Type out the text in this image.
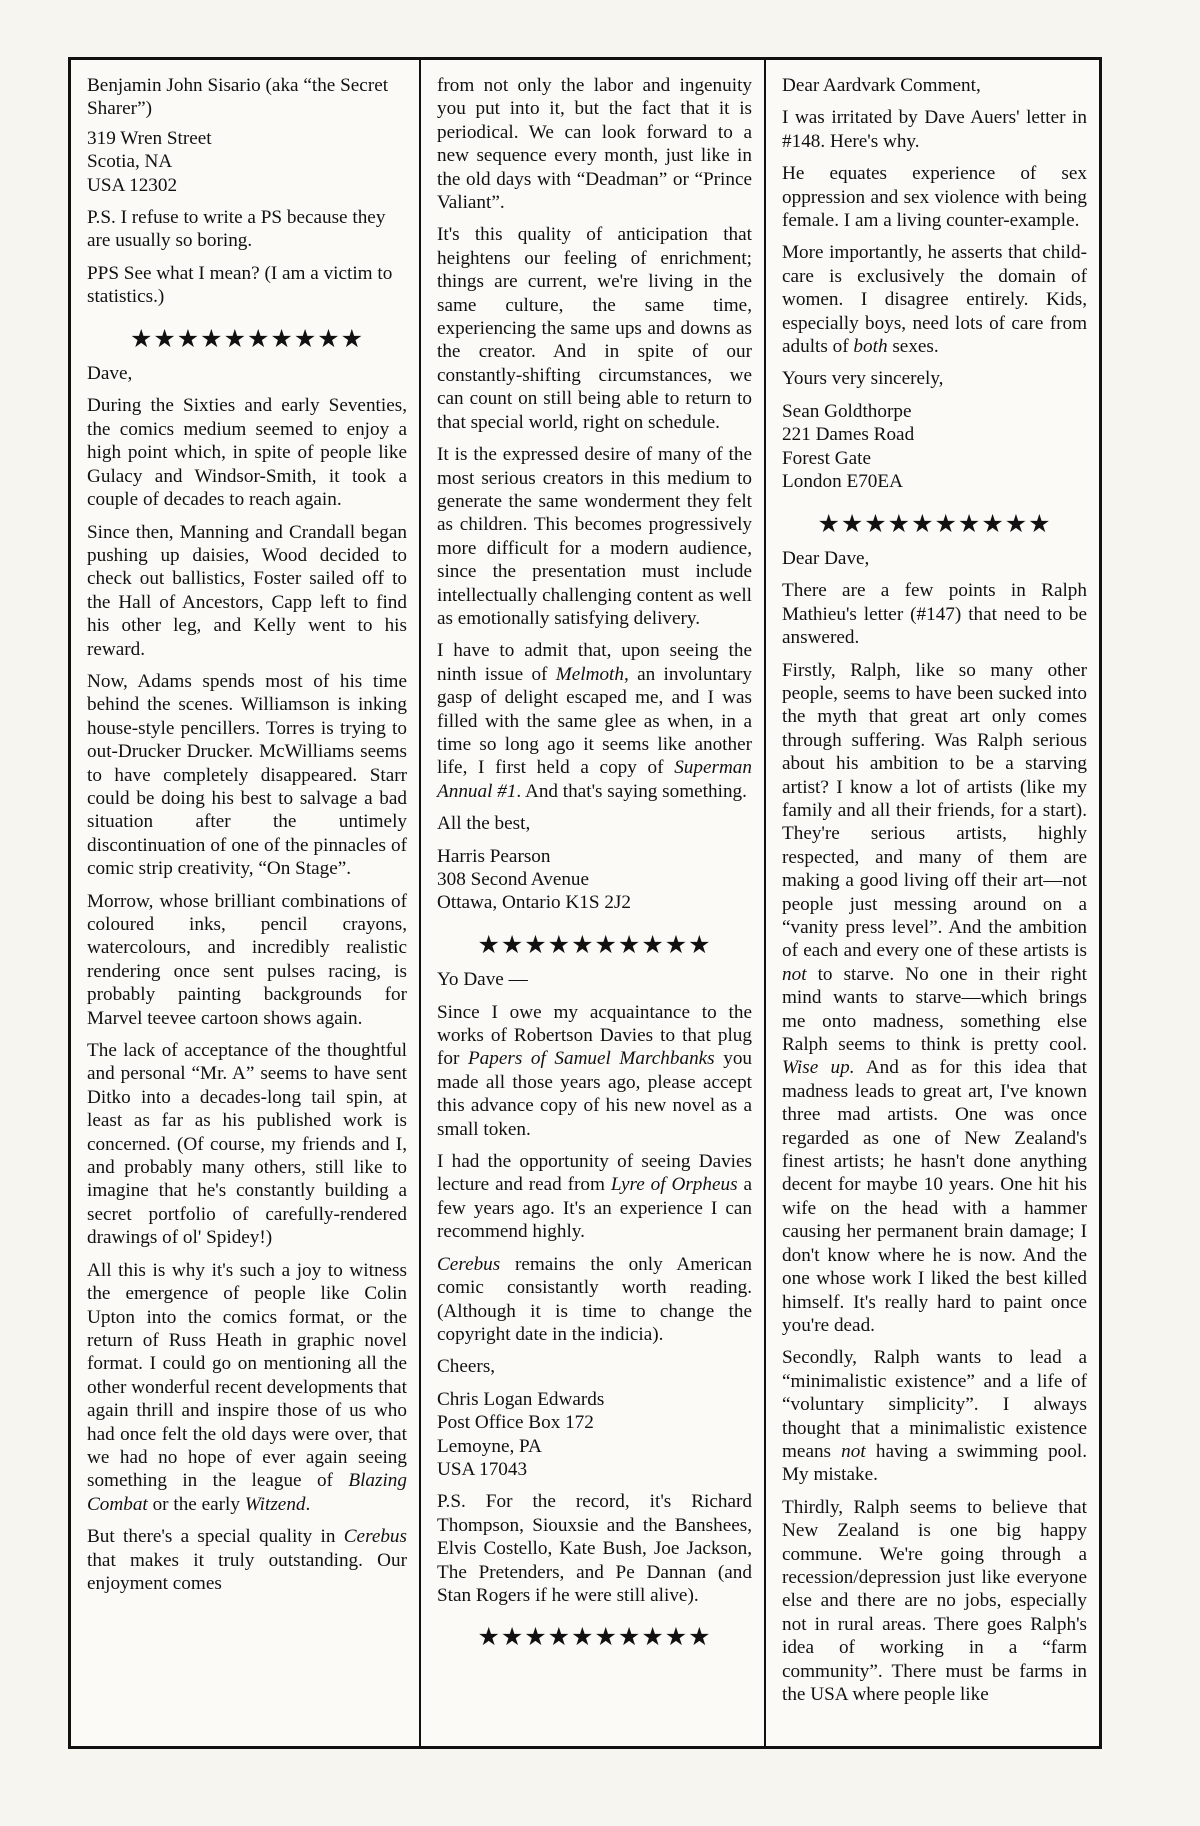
Benjamin John Sisario (aka “the Secret Sharer”)

319 Wren Street

Scotia, NA

USA 12302

P.S. I refuse to write a PS because they are usually so boring.

PPS See what I mean? (I am a victim to statistics.)

★★★★★★★★★★

Dave,

During the Sixties and early Seventies, the comics medium seemed to enjoy a high point which, in spite of people like Gulacy and Windsor-Smith, it took a couple of decades to reach again.

Since then, Manning and Crandall began pushing up daisies, Wood decided to check out ballistics, Foster sailed off to the Hall of Ancestors, Capp left to find his other leg, and Kelly went to his reward.

Now, Adams spends most of his time behind the scenes. Williamson is inking house-style pencillers. Torres is trying to out-Drucker Drucker. McWilliams seems to have completely disappeared. Starr could be doing his best to salvage a bad situation after the untimely discontinuation of one of the pinnacles of comic strip creativity, “On Stage”.

Morrow, whose brilliant combinations of coloured inks, pencil crayons, watercolours, and incredibly realistic rendering once sent pulses racing, is probably painting backgrounds for Marvel teevee cartoon shows again.

The lack of acceptance of the thoughtful and personal “Mr. A” seems to have sent Ditko into a decades-long tail spin, at least as far as his published work is concerned. (Of course, my friends and I, and probably many others, still like to imagine that he's constantly building a secret portfolio of carefully-rendered drawings of ol' Spidey!)

All this is why it's such a joy to witness the emergence of people like Colin Upton into the comics format, or the return of Russ Heath in graphic novel format. I could go on mentioning all the other wonderful recent developments that again thrill and inspire those of us who had once felt the old days were over, that we had no hope of ever again seeing something in the league of Blazing Combat or the early Witzend.

But there's a special quality in Cerebus that makes it truly outstanding. Our enjoyment comes

from not only the labor and ingenuity you put into it, but the fact that it is periodical. We can look forward to a new sequence every month, just like in the old days with “Deadman” or “Prince Valiant”.

It's this quality of anticipation that heightens our feeling of enrichment; things are current, we're living in the same culture, the same time, experiencing the same ups and downs as the creator. And in spite of our constantly-shifting circumstances, we can count on still being able to return to that special world, right on schedule.

It is the expressed desire of many of the most serious creators in this medium to generate the same wonderment they felt as children. This becomes progressively more difficult for a modern audience, since the presentation must include intellectually challenging content as well as emotionally satisfying delivery.

I have to admit that, upon seeing the ninth issue of Melmoth, an involuntary gasp of delight escaped me, and I was filled with the same glee as when, in a time so long ago it seems like another life, I first held a copy of Superman Annual #1. And that's saying something.

All the best,

Harris Pearson

308 Second Avenue

Ottawa, Ontario K1S 2J2

★★★★★★★★★★

Yo Dave —

Since I owe my acquaintance to the works of Robertson Davies to that plug for Papers of Samuel Marchbanks you made all those years ago, please accept this advance copy of his new novel as a small token.

I had the opportunity of seeing Davies lecture and read from Lyre of Orpheus a few years ago. It's an experience I can recommend highly.

Cerebus remains the only American comic consistantly worth reading. (Although it is time to change the copyright date in the indicia).

Cheers,

Chris Logan Edwards

Post Office Box 172

Lemoyne, PA

USA 17043

P.S. For the record, it's Richard Thompson, Siouxsie and the Banshees, Elvis Costello, Kate Bush, Joe Jackson, The Pretenders, and Pe Dannan (and Stan Rogers if he were still alive).

★★★★★★★★★★

Dear Aardvark Comment,

I was irritated by Dave Auers' letter in #148. Here's why.

He equates experience of sex oppression and sex violence with being female. I am a living counter-example.

More importantly, he asserts that child-care is exclusively the domain of women. I disagree entirely. Kids, especially boys, need lots of care from adults of both sexes.

Yours very sincerely,

Sean Goldthorpe

221 Dames Road

Forest Gate

London E70EA

★★★★★★★★★★

Dear Dave,

There are a few points in Ralph Mathieu's letter (#147) that need to be answered.

Firstly, Ralph, like so many other people, seems to have been sucked into the myth that great art only comes through suffering. Was Ralph serious about his ambition to be a starving artist? I know a lot of artists (like my family and all their friends, for a start). They're serious artists, highly respected, and many of them are making a good living off their art—not people just messing around on a “vanity press level”. And the ambition of each and every one of these artists is not to starve. No one in their right mind wants to starve—which brings me onto madness, something else Ralph seems to think is pretty cool. Wise up. And as for this idea that madness leads to great art, I've known three mad artists. One was once regarded as one of New Zealand's finest artists; he hasn't done anything decent for maybe 10 years. One hit his wife on the head with a hammer causing her permanent brain damage; I don't know where he is now. And the one whose work I liked the best killed himself. It's really hard to paint once you're dead.

Secondly, Ralph wants to lead a “minimalistic existence” and a life of “voluntary simplicity”. I always thought that a minimalistic existence means not having a swimming pool. My mistake.

Thirdly, Ralph seems to believe that New Zealand is one big happy commune. We're going through a recession/depression just like everyone else and there are no jobs, especially not in rural areas. There goes Ralph's idea of working in a “farm community”. There must be farms in the USA where people like
